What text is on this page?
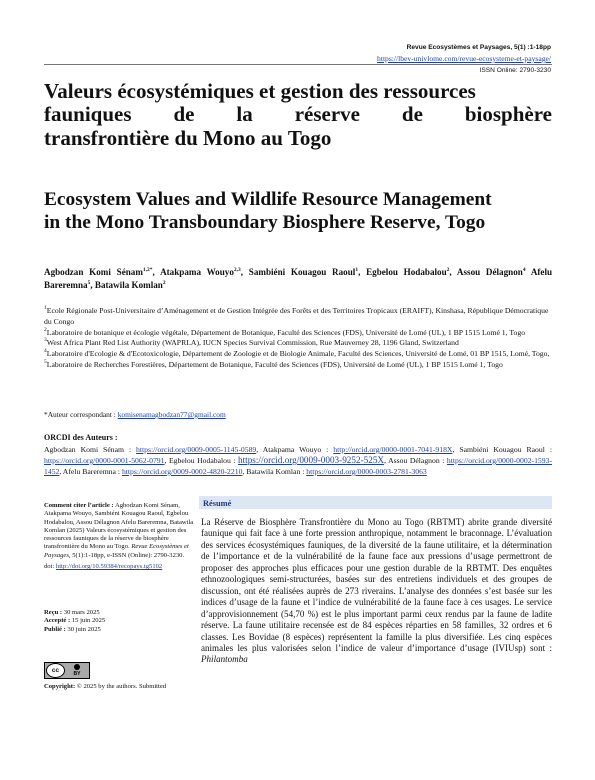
Revue Ecosystèmes et Paysages, 5(1) :1-18pp
https://lbev-univlome.com/revue-ecosysteme-et-paysage/
ISSN Online: 2790-3230
Valeurs écosystémiques et gestion des ressources
fauniques de la réserve de biosphère
transfrontière du Mono au Togo
Ecosystem Values and Wildlife Resource Management
in the Mono Transboundary Biosphere Reserve, Togo
Agbodzan Komi Sénam$^{1,2*}$, Atakpama Wouyo$^{2,3}$, Sambiéni Kouagou Raoul$^1$, Egbelou Hodabalou$^2$, Assou Délagnon$^4$ Afelu Bareremna$^5$, Batawila Komlan$^2$

$^1$Ecole Régionale Post-Universitaire d’Aménagement et de Gestion Intégrée des Forêts et des Territoires Tropicaux (ERAIFT), Kinshasa, République Démocratique du Congo

$^2$Laboratoire de botanique et écologie végétale, Département de Botanique, Faculté des Sciences (FDS), Université de Lomé (UL), 1 BP 1515 Lomé 1, Togo

$^3$West Africa Plant Red List Authority (WAPRLA), IUCN Species Survival Commission, Rue Mauverney 28, 1196 Gland, Switzerland

$^4$Laboratoire d'Ecologie & d'Ecotoxicologie, Département de Zoologie et de Biologie Animale, Faculté des Sciences, Université de Lomé, 01 BP 1515, Lomé, Togo,

$^5$Laboratoire de Recherches Forestières, Département de Botanique, Faculté des Sciences (FDS), Université de Lomé (UL), 1 BP 1515 Lomé 1, Togo

*Auteur correspondant : komisenamagbodzan77@gmail.com
ORCDI des Auteurs :
Agbodzan Komi Sénam : https://orcid.org/0009-0005-1145-0589, Atakpama Wouyo : http://orcid.org/0000-0001-7041-918X, Sambiéni Kouagou Raoul : https://orcid.org/0000-0001-5062-0791, Egbelou Hodabalou : https://orcid.org/0009-0003-9252-525X, Assou Délagnon : https://orcid.org/0000-0002-1593-1452, Afelu Bareremna : https://orcid.org/0009-0002-4820-2210, Batawila Komlan : https://orcid.org/0000-0003-2781-3063
Comment citer l’article : Agbodzan Komi Sénam, Atakpama Wouyo, Sambiéni Kouagou Raoul, Egbelou Hodabalou, Assou Délagnon Afelu Bareremna, Batawila Komlan (2025) Valeurs écosystémiques et gestion des ressources fauniques de la réserve de biosphère transfrontière du Mono au Togo. Revue Ecosystèmes et Paysages, 5(1):1-18pp, e-ISSN (Online): 2790-3230.
doi: http://doi.org/10.59384/recopays.tg5102
Reçu : 30 mars 2025
Accepté : 15 juin 2025
Publié : 30 juin 2025
cc	BY
Copyright: © 2025 by the authors. Submitted
Résumé

La Réserve de Biosphère Transfrontière du Mono au Togo (RBTMT) abrite grande diversité faunique qui fait face à une forte pression anthropique, notamment le braconnage. L’évaluation des services écosystémiques fauniques, de la diversité de la faune utilitaire, et la détermination de l’importance et de la vulnérabilité de la faune face aux pressions d’usage permettront de proposer des approches plus efficaces pour une gestion durable de la RBTMT. Des enquêtes ethnozoologiques semi-structurées, basées sur des entretiens individuels et des groupes de discussion, ont été réalisées auprès de 273 riverains. L’analyse des données s’est basée sur les indices d’usage de la faune et l’indice de vulnérabilité de la faune face à ces usages. Le service d’approvisionnement (54,70 %) est le plus important parmi ceux rendus par la faune de ladite réserve. La faune utilitaire recensée est de 84 espèces réparties en 58 familles, 32 ordres et 6 classes. Les Bovidae (8 espèces) représentent la famille la plus diversifiée. Les cinq espèces animales les plus valorisées selon l’indice de valeur d’importance d’usage (IVIUsp) sont : Philantomba
